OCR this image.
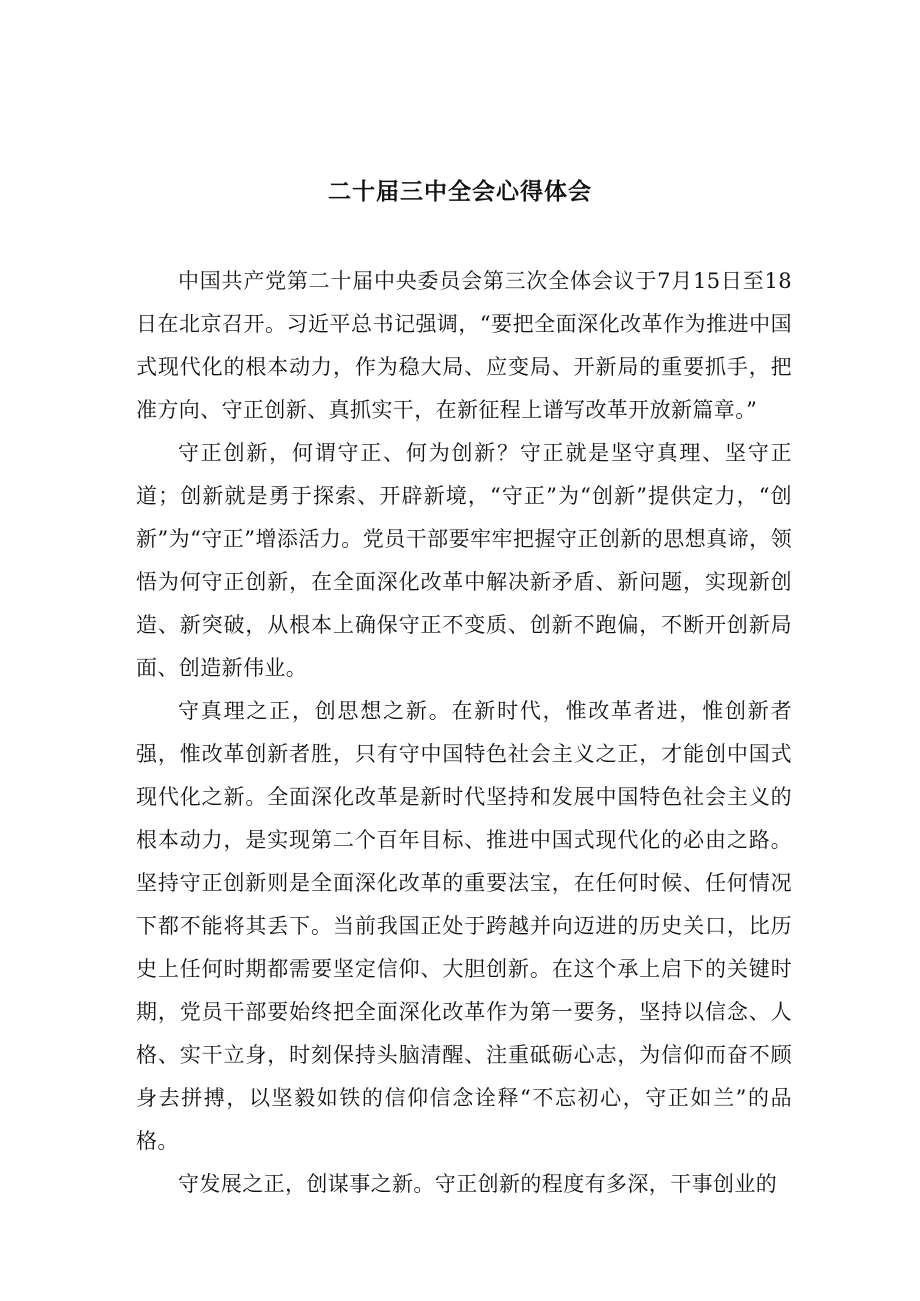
二十届三中全会心得体会

中国共产党第二十届中央委员会第三次全体会议于7月15日至18日在北京召开。习近平总书记强调，“要把全面深化改革作为推进中国式现代化的根本动力，作为稳大局、应变局、开新局的重要抓手，把准方向、守正创新、真抓实干，在新征程上谱写改革开放新篇章。”

守正创新，何谓守正、何为创新？守正就是坚守真理、坚守正道；创新就是勇于探索、开辟新境，“守正”为“创新”提供定力，“创新”为“守正”增添活力。党员干部要牢牢把握守正创新的思想真谛，领悟为何守正创新，在全面深化改革中解决新矛盾、新问题，实现新创造、新突破，从根本上确保守正不变质、创新不跑偏，不断开创新局面、创造新伟业。

守真理之正，创思想之新。在新时代，惟改革者进，惟创新者强，惟改革创新者胜，只有守中国特色社会主义之正，才能创中国式现代化之新。全面深化改革是新时代坚持和发展中国特色社会主义的根本动力，是实现第二个百年目标、推进中国式现代化的必由之路。坚持守正创新则是全面深化改革的重要法宝，在任何时候、任何情况下都不能将其丢下。当前我国正处于跨越并向迈进的历史关口，比历史上任何时期都需要坚定信仰、大胆创新。在这个承上启下的关键时期，党员干部要始终把全面深化改革作为第一要务，坚持以信念、人格、实干立身，时刻保持头脑清醒、注重砥砺心志，为信仰而奋不顾身去拼搏，以坚毅如铁的信仰信念诠释“不忘初心，守正如兰”的品格。

守发展之正，创谋事之新。守正创新的程度有多深，干事创业的
